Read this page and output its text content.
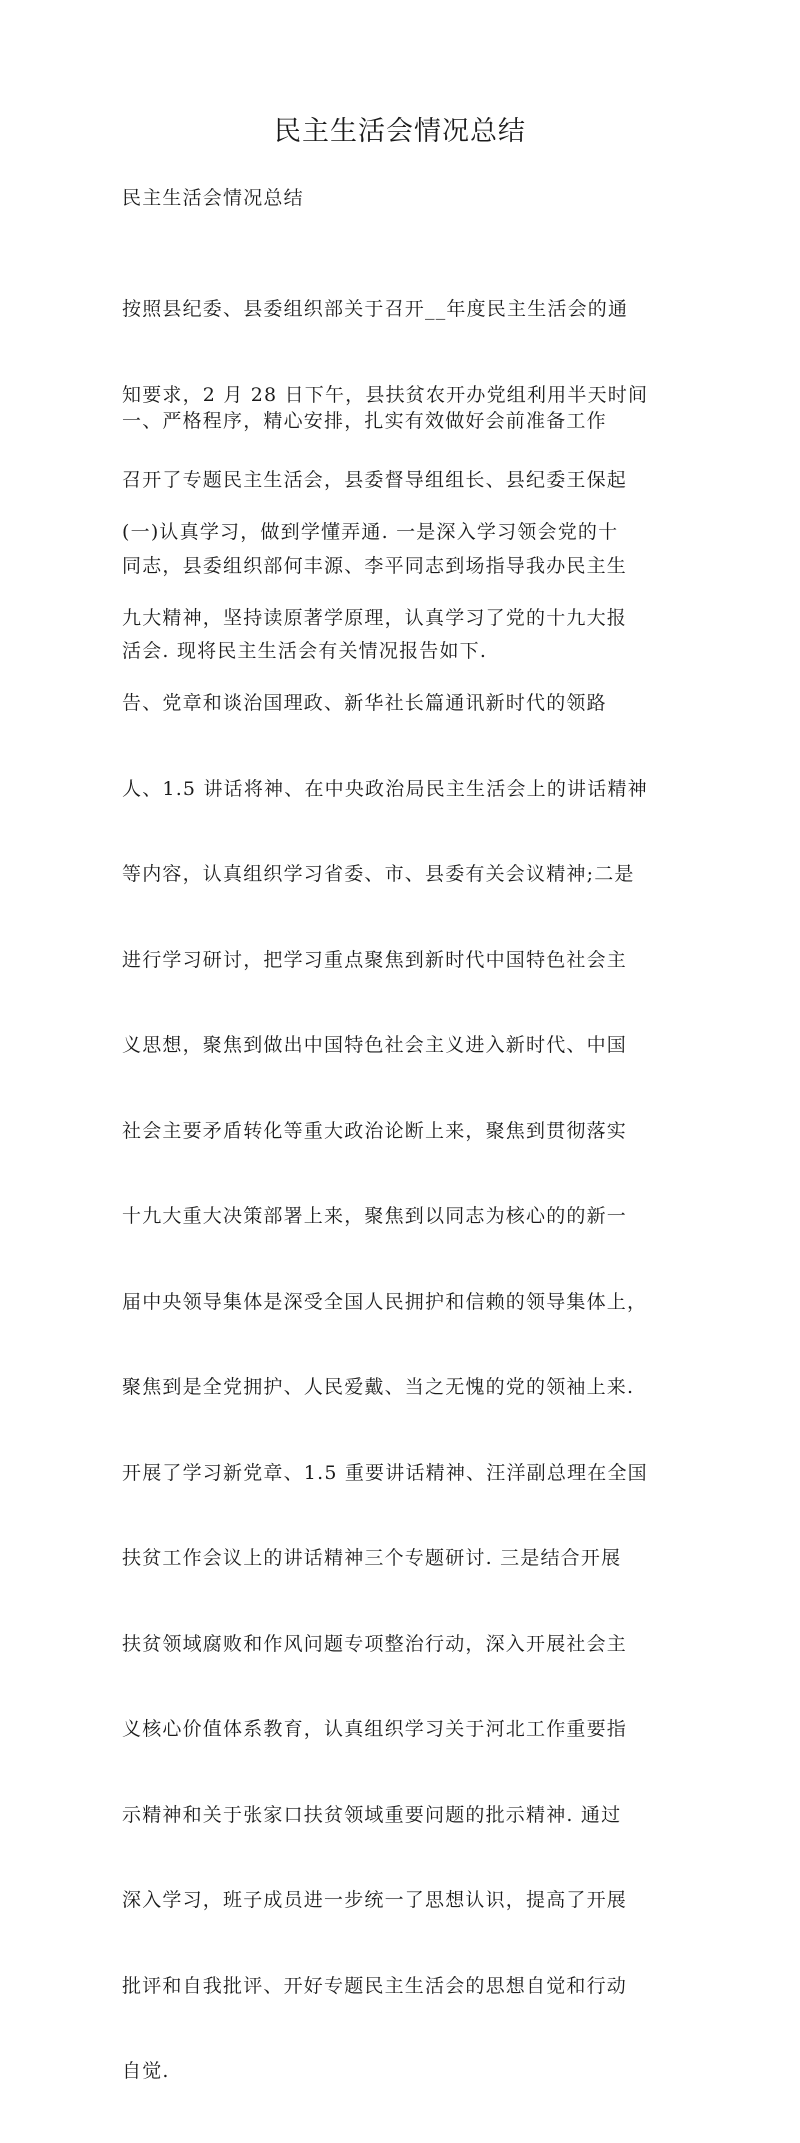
民主生活会情况总结

民主生活会情况总结

按照县纪委、县委组织部关于召开__年度民主生活会的通

知要求，2 月 28 日下午，县扶贫农开办党组利用半天时间

召开了专题民主生活会，县委督导组组长、县纪委王保起

同志，县委组织部何丰源、李平同志到场指导我办民主生

活会. 现将民主生活会有关情况报告如下.

一、严格程序，精心安排，扎实有效做好会前准备工作

(一)认真学习，做到学懂弄通. 一是深入学习领会党的十

九大精神，坚持读原著学原理，认真学习了党的十九大报

告、党章和谈治国理政、新华社长篇通讯新时代的领路

人、1.5 讲话将神、在中央政治局民主生活会上的讲话精神

等内容，认真组织学习省委、市、县委有关会议精神;二是

进行学习研讨，把学习重点聚焦到新时代中国特色社会主

义思想，聚焦到做出中国特色社会主义进入新时代、中国

社会主要矛盾转化等重大政治论断上来，聚焦到贯彻落实

十九大重大决策部署上来，聚焦到以同志为核心的的新一

届中央领导集体是深受全国人民拥护和信赖的领导集体上，

聚焦到是全党拥护、人民爱戴、当之无愧的党的领袖上来.

开展了学习新党章、1.5 重要讲话精神、汪洋副总理在全国

扶贫工作会议上的讲话精神三个专题研讨. 三是结合开展

扶贫领域腐败和作风问题专项整治行动，深入开展社会主

义核心价值体系教育，认真组织学习关于河北工作重要指

示精神和关于张家口扶贫领域重要问题的批示精神. 通过

深入学习，班子成员进一步统一了思想认识，提高了开展

批评和自我批评、开好专题民主生活会的思想自觉和行动

自觉.
